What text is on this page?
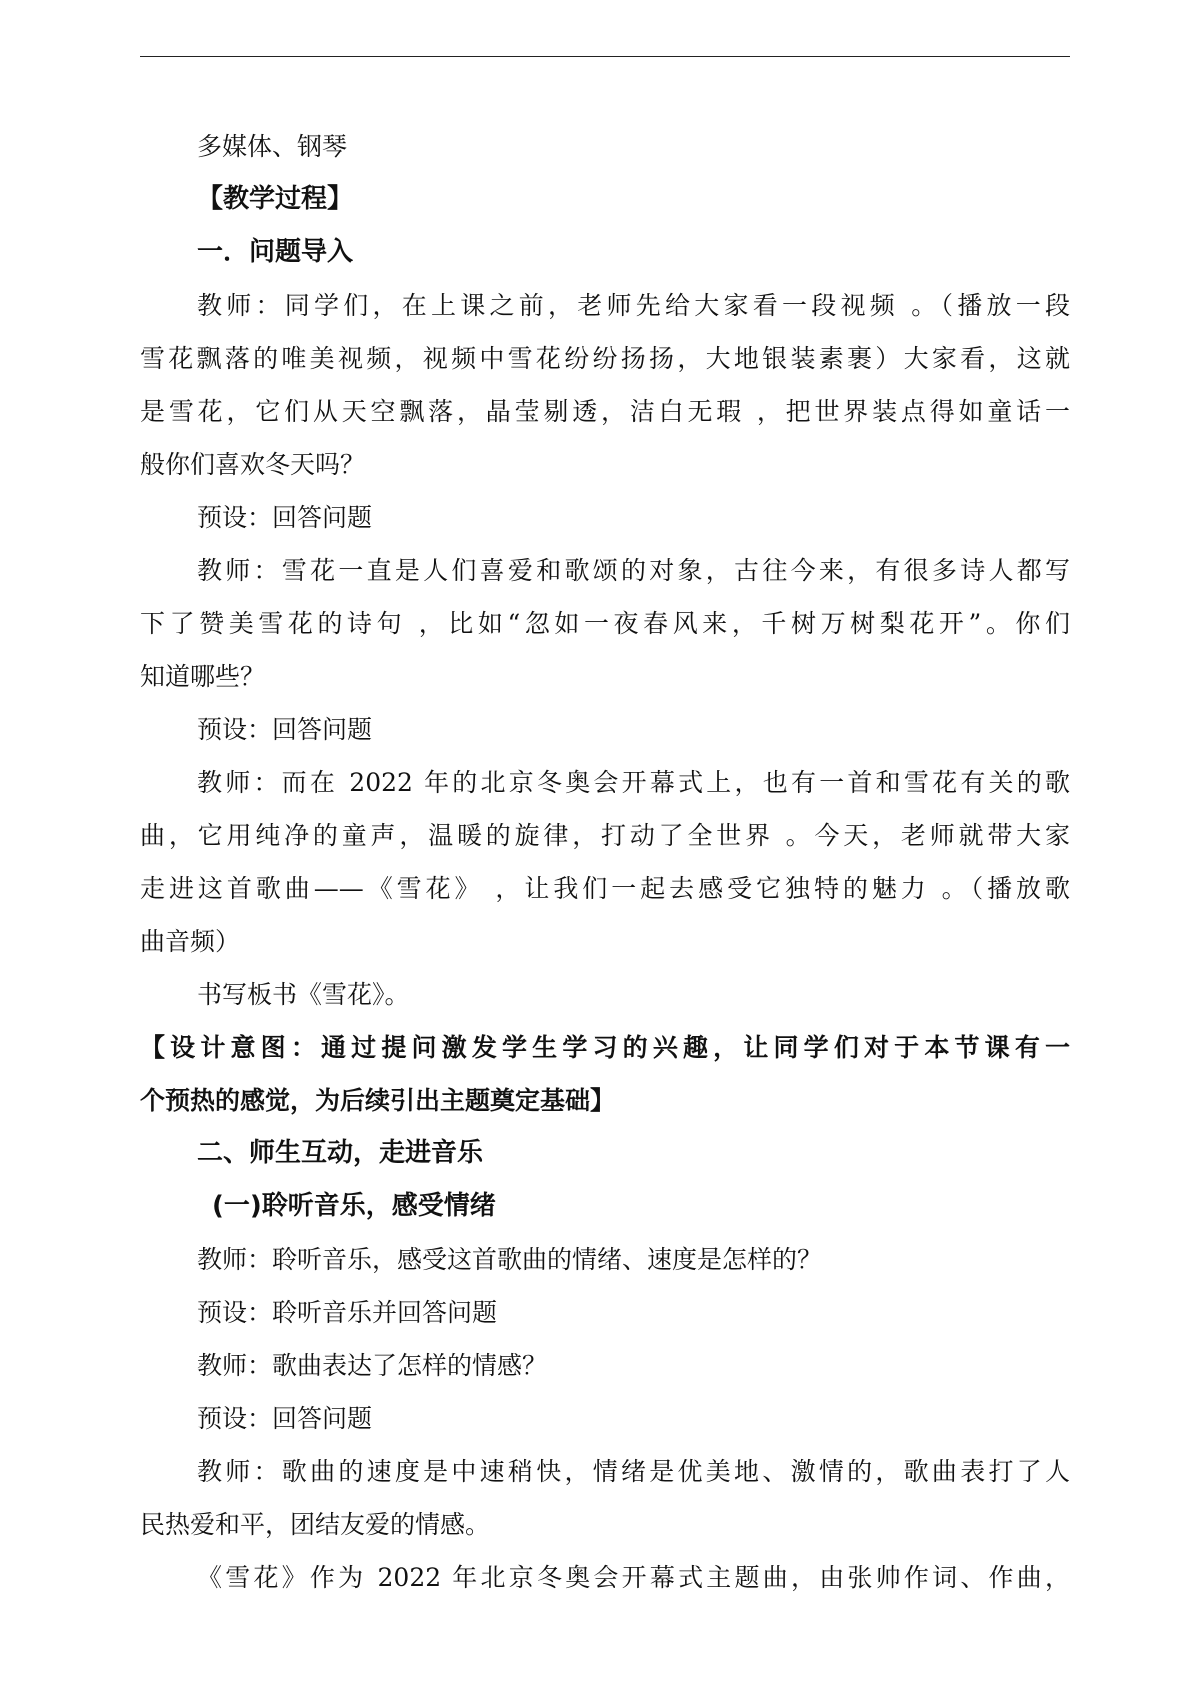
多媒体、钢琴

【教学过程】

一．问题导入

教师：同学们，在上课之前，老师先给大家看一段视频 。（播放一段

雪花飘落的唯美视频，视频中雪花纷纷扬扬，大地银装素裹）大家看，这就

是雪花，它们从天空飘落，晶莹剔透，洁白无瑕 ，把世界装点得如童话一

般你们喜欢冬天吗？

预设：回答问题

教师：雪花一直是人们喜爱和歌颂的对象，古往今来，有很多诗人都写

下了赞美雪花的诗句 ，比如“忽如一夜春风来，千树万树梨花开”。你们

知道哪些？

预设：回答问题

教师：而在 2022 年的北京冬奥会开幕式上，也有一首和雪花有关的歌

曲，它用纯净的童声，温暖的旋律，打动了全世界 。今天，老师就带大家

走进这首歌曲——《雪花》 ，让我们一起去感受它独特的魅力 。（播放歌

曲音频）

书写板书《雪花》。

【设计意图：通过提问激发学生学习的兴趣，让同学们对于本节课有一

个预热的感觉，为后续引出主题奠定基础】

二、师生互动，走进音乐

(一)聆听音乐，感受情绪

教师：聆听音乐，感受这首歌曲的情绪、速度是怎样的？

预设：聆听音乐并回答问题

教师：歌曲表达了怎样的情感？

预设：回答问题

教师：歌曲的速度是中速稍快，情绪是优美地、激情的，歌曲表打了人

民热爱和平，团结友爱的情感。

《雪花》作为 2022 年北京冬奥会开幕式主题曲，由张帅作词、作曲，
